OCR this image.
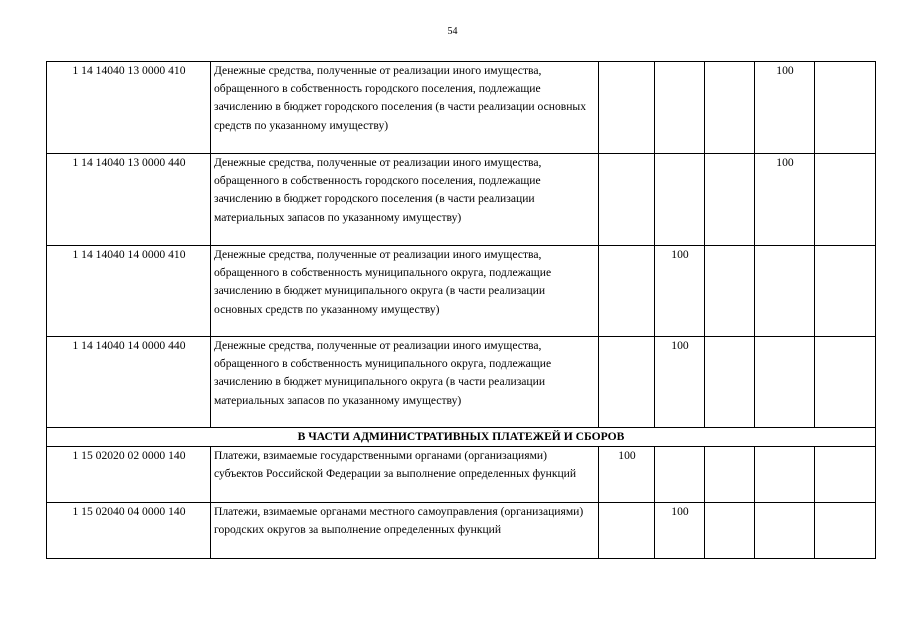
54
1 14 14040 13 0000 410	Денежные средства, полученные от реализации иного имущества, обращенного в собственность городского поселения, подлежащие зачислению в бюджет городского поселения (в части реализации основных средств по указанному имуществу)				100	
1 14 14040 13 0000 440	Денежные средства, полученные от реализации иного имущества, обращенного в собственность городского поселения, подлежащие зачислению в бюджет городского поселения (в части реализации материальных запасов по указанному имуществу)				100	
1 14 14040 14 0000 410	Денежные средства, полученные от реализации иного имущества, обращенного в собственность муниципального округа, подлежащие зачислению в бюджет муниципального округа (в части реализации основных средств по указанному имуществу)		100			
1 14 14040 14 0000 440	Денежные средства, полученные от реализации иного имущества, обращенного в собственность муниципального округа, подлежащие зачислению в бюджет муниципального округа (в части реализации материальных запасов по указанному имуществу)		100			
В ЧАСТИ АДМИНИСТРАТИВНЫХ ПЛАТЕЖЕЙ И СБОРОВ						
1 15 02020 02 0000 140	Платежи, взимаемые государственными органами (организациями) субъектов Российской Федерации за выполнение определенных функций	100				
1 15 02040 04 0000 140	Платежи, взимаемые органами местного самоуправления (организациями) городских округов за выполнение определенных функций		100			
